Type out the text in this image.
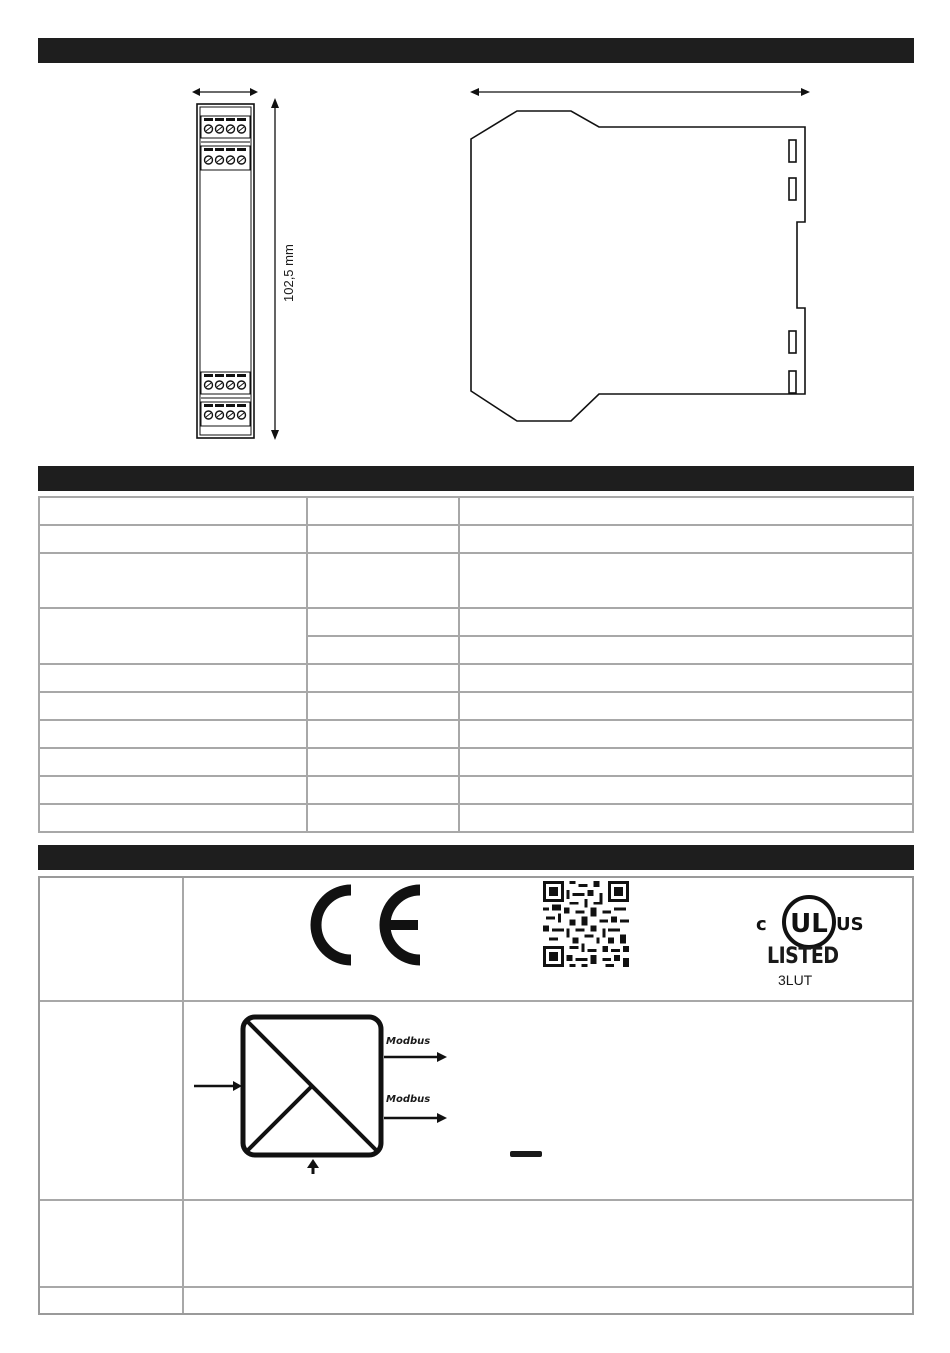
102,5 mm

UL
c	US
LISTED
3LUT
Modbus
Modbus
